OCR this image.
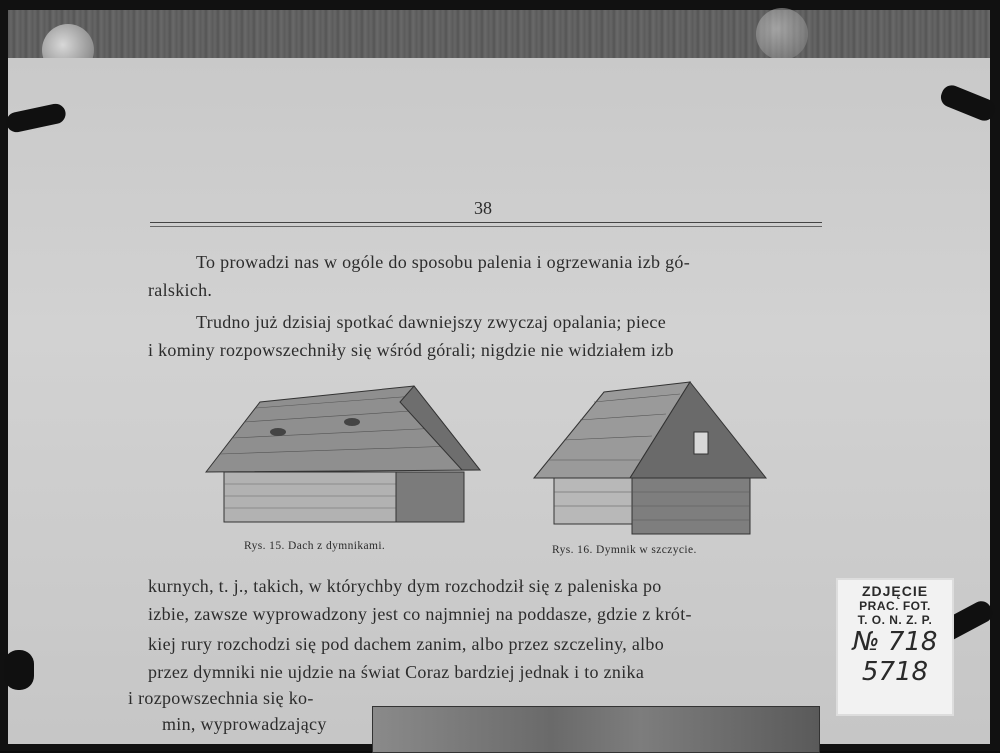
38
To prowadzi nas w ogóle do sposobu palenia i ogrzewania izb gó-
ralskich.
Trudno już dzisiaj spotkać dawniejszy zwyczaj opalania; piece
i kominy rozpowszechniły się wśród górali; nigdzie nie widziałem izb
Rys. 15. Dach z dymnikami.	Rys. 16. Dymnik w szczycie.
kurnych, t. j., takich, w którychby dym rozchodził się z paleniska po
izbie, zawsze wyprowadzony jest co najmniej na poddasze, gdzie z krót-
kiej rury rozchodzi się pod dachem zanim, albo przez szczeliny, albo
przez dymniki nie ujdzie na świat Coraz bardziej jednak i to znika
i rozpowszechnia się ko-
min, wyprowadzający
ZDJĘCIE
PRAC. FOT.
T. O. N. Z. P.
№ 718
5718
